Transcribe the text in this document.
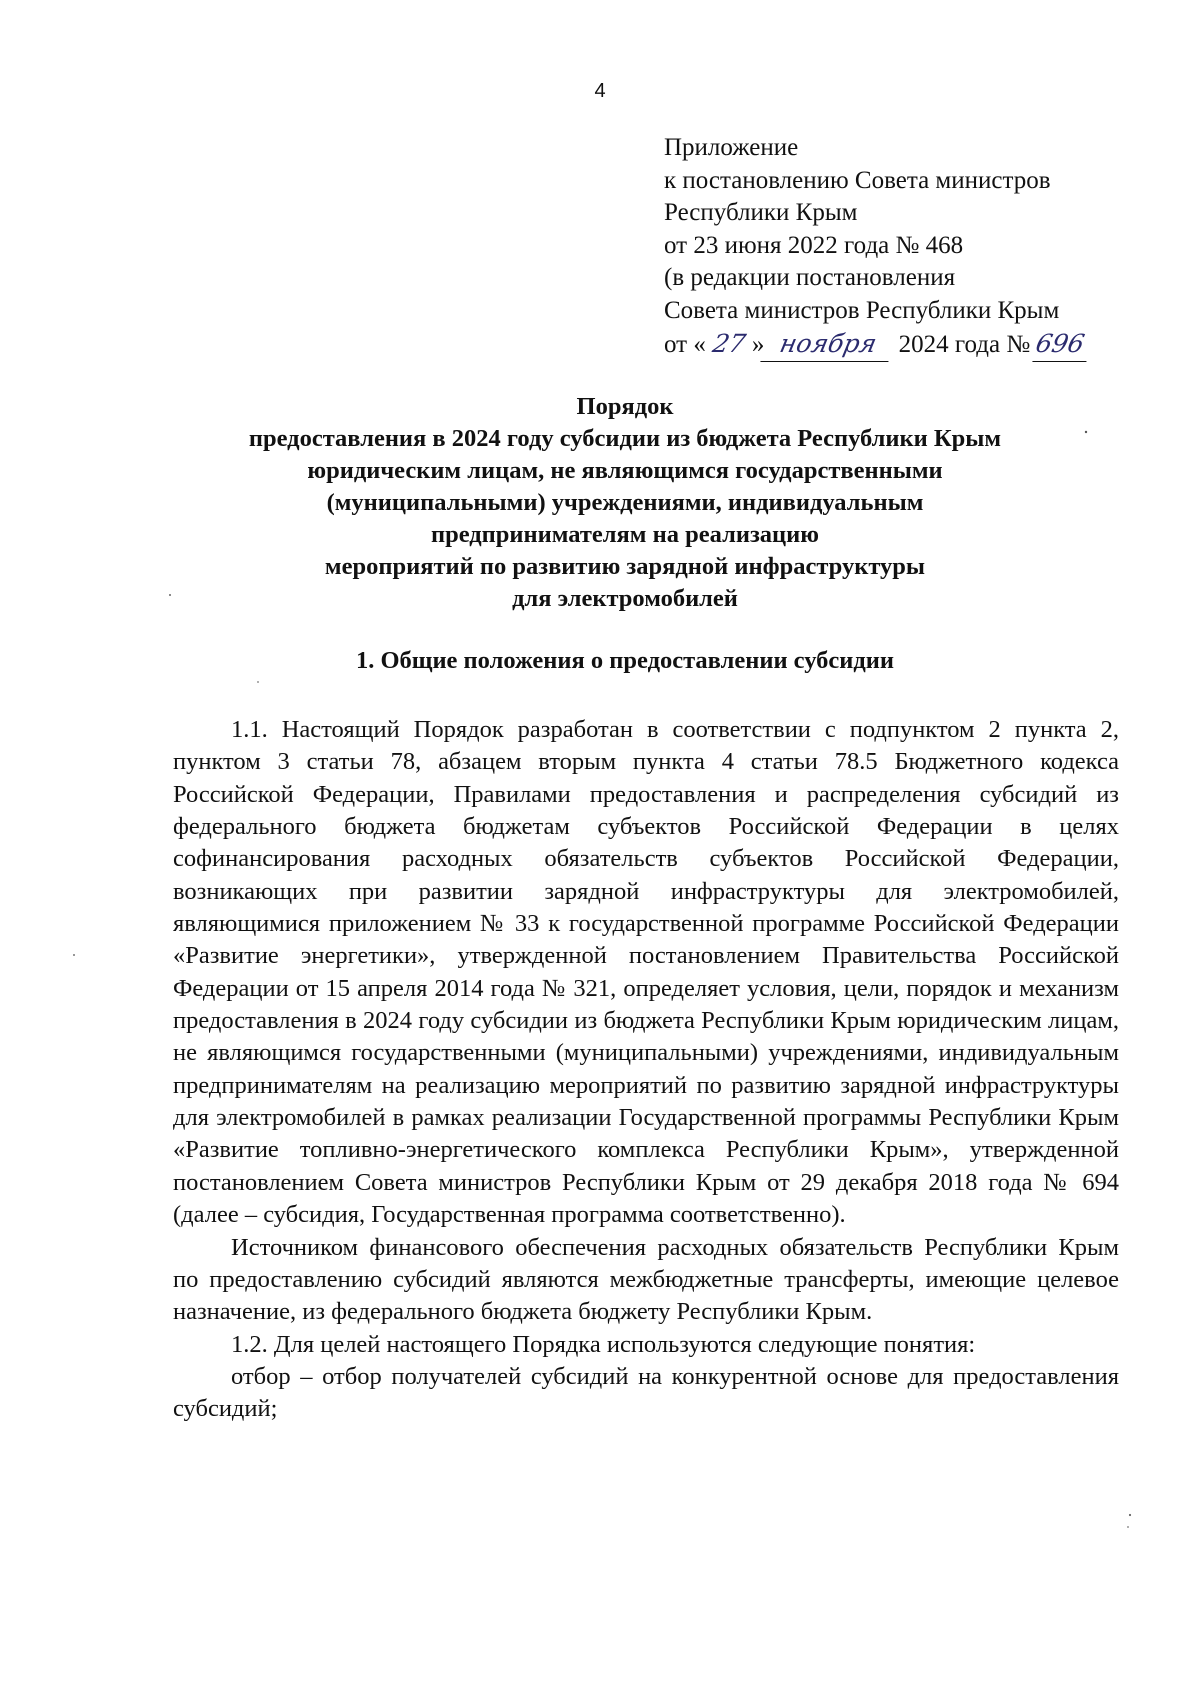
4
Приложение
к постановлению Совета министров
Республики Крым
от 23 июня 2022 года № 468
(в редакции постановления
Совета министров Республики Крым
от « 27 » ноября 2024 года № 696
Порядок
предоставления в 2024 году субсидии из бюджета Республики Крым
юридическим лицам, не являющимся государственными
(муниципальными) учреждениями, индивидуальным
предпринимателям на реализацию
мероприятий по развитию зарядной инфраструктуры
для электромобилей
1. Общие положения о предоставлении субсидии

1.1. Настоящий Порядок разработан в соответствии с подпунктом 2 пункта 2, пунктом 3 статьи 78, абзацем вторым пункта 4 статьи 78.5 Бюджетного кодекса Российской Федерации, Правилами предоставления и распределения субсидий из федерального бюджета бюджетам субъектов Российской Федерации в целях софинансирования расходных обязательств субъектов Российской Федерации, возникающих при развитии зарядной инфраструктуры для электромобилей, являющимися приложением № 33 к государственной программе Российской Федерации «Развитие энергетики», утвержденной постановлением Правительства Российской Федерации от 15 апреля 2014 года № 321, определяет условия, цели, порядок и механизм предоставления в 2024 году субсидии из бюджета Республики Крым юридическим лицам, не являющимся государственными (муниципальными) учреждениями, индивидуальным предпринимателям на реализацию мероприятий по развитию зарядной инфраструктуры для электромобилей в рамках реализации Государственной программы Республики Крым «Развитие топливно-энергетического комплекса Республики Крым», утвержденной постановлением Совета министров Республики Крым от 29 декабря 2018 года № 694 (далее – субсидия, Государственная программа соответственно).

Источником финансового обеспечения расходных обязательств Республики Крым по предоставлению субсидий являются межбюджетные трансферты, имеющие целевое назначение, из федерального бюджета бюджету Республики Крым.

1.2. Для целей настоящего Порядка используются следующие понятия:

отбор – отбор получателей субсидий на конкурентной основе для предоставления субсидий;
